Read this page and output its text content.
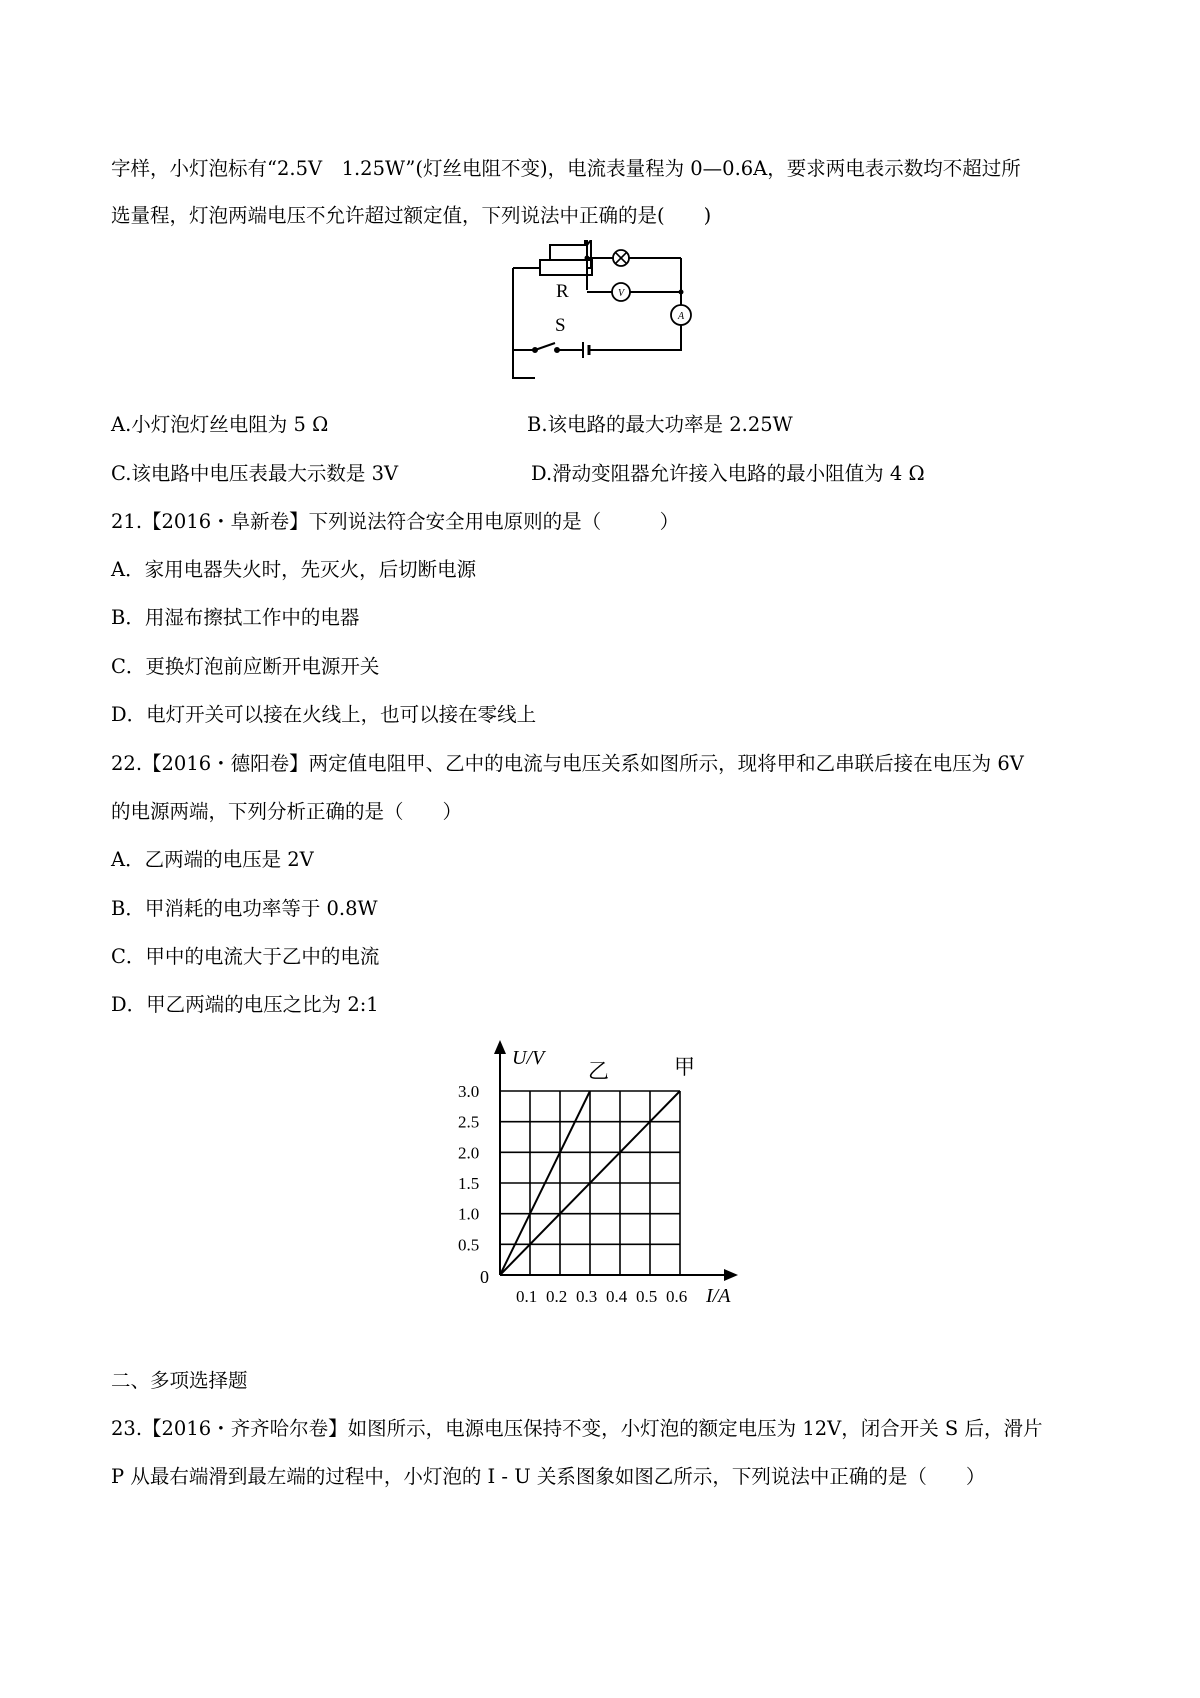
字样，小灯泡标有“2.5V　1.25W”(灯丝电阻不变)，电流表量程为 0—0.6A，要求两电表示数均不超过所
选量程，灯泡两端电压不允许超过额定值，下列说法中正确的是(　　)
V
A
R
S
A.小灯泡灯丝电阻为 5 Ω	B.该电路的最大功率是 2.25W
C.该电路中电压表最大示数是 3V	D.滑动变阻器允许接入电路的最小阻值为 4 Ω
21.【2016・阜新卷】下列说法符合安全用电原则的是（　　　）
A．家用电器失火时，先灭火，后切断电源
B．用湿布擦拭工作中的电器
C．更换灯泡前应断开电源开关
D．电灯开关可以接在火线上，也可以接在零线上
22.【2016・德阳卷】两定值电阻甲、乙中的电流与电压关系如图所示，现将甲和乙串联后接在电压为 6V
的电源两端，下列分析正确的是（　　）
A．乙两端的电压是 2V
B．甲消耗的电功率等于 0.8W
C．甲中的电流大于乙中的电流
D．甲乙两端的电压之比为 2:1
0.1 0.2 0.3 0.4 0.5 0.6
0.5
1.0
1.5
2.0
2.5
3.0
U/V
I/A
0
乙	甲
二、多项选择题
23.【2016・齐齐哈尔卷】如图所示，电源电压保持不变，小灯泡的额定电压为 12V，闭合开关 S 后，滑片
P 从最右端滑到最左端的过程中，小灯泡的 I - U 关系图象如图乙所示，下列说法中正确的是（　　）
